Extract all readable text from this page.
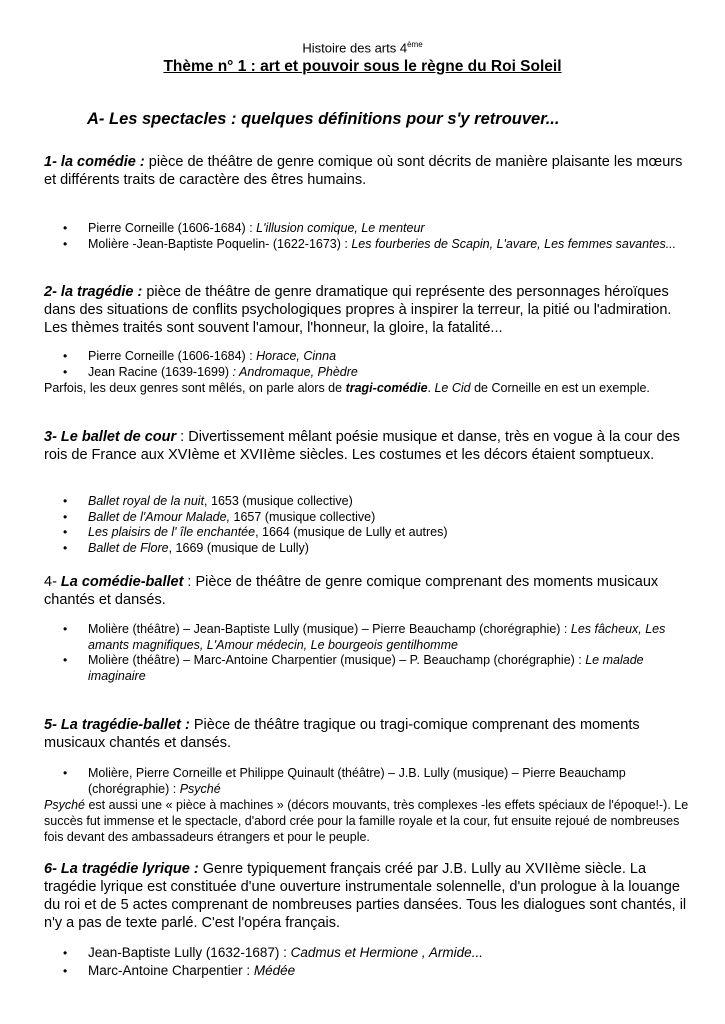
Histoire des arts 4ème
Thème n° 1 : art et pouvoir sous le règne du Roi Soleil
A- Les spectacles : quelques définitions pour s'y retrouver...
1- la comédie : pièce de théâtre de genre comique où sont décrits de manière plaisante les mœurs et différents traits de caractère des êtres humains.
• Pierre Corneille (1606-1684) : L'illusion comique, Le menteur
• Molière -Jean-Baptiste Poquelin- (1622-1673) : Les fourberies de Scapin, L'avare, Les femmes savantes...
2- la tragédie : pièce de théâtre de genre dramatique qui représente des personnages héroïques dans des situations de conflits psychologiques propres à inspirer la terreur, la pitié ou l'admiration. Les thèmes traités sont souvent l'amour, l'honneur, la gloire, la fatalité...
• Pierre Corneille (1606-1684) : Horace, Cinna
• Jean Racine (1639-1699) : Andromaque, Phèdre
Parfois, les deux genres sont mêlés, on parle alors de tragi-comédie. Le Cid de Corneille en est un exemple.
3- Le ballet de cour : Divertissement mêlant poésie musique et danse, très en vogue à la cour des rois de France aux XVIème et XVIIème siècles. Les costumes et les décors étaient somptueux.
• Ballet royal de la nuit, 1653 (musique collective)
• Ballet de l'Amour Malade, 1657 (musique collective)
• Les plaisirs de l' île enchantée, 1664 (musique de Lully et autres)
• Ballet de Flore, 1669 (musique de Lully)
4- La comédie-ballet : Pièce de théâtre de genre comique comprenant des moments musicaux chantés et dansés.
• Molière (théâtre) – Jean-Baptiste Lully (musique) – Pierre Beauchamp (chorégraphie) : Les fâcheux, Les amants magnifiques, L'Amour médecin, Le bourgeois gentilhomme
• Molière (théâtre) – Marc-Antoine Charpentier (musique) – P. Beauchamp (chorégraphie) : Le malade imaginaire
5- La tragédie-ballet : Pièce de théâtre tragique ou tragi-comique comprenant des moments musicaux chantés et dansés.
• Molière, Pierre Corneille et Philippe Quinault (théâtre) – J.B. Lully (musique) – Pierre Beauchamp (chorégraphie) : Psyché
Psyché est aussi une « pièce à machines » (décors mouvants, très complexes -les effets spéciaux de l'époque!-). Le succès fut immense et le spectacle, d'abord crée pour la famille royale et la cour, fut ensuite rejoué de nombreuses fois devant des ambassadeurs étrangers et pour le peuple.
6- La tragédie lyrique : Genre typiquement français créé par J.B. Lully au XVIIème siècle. La tragédie lyrique est constituée d'une ouverture instrumentale solennelle, d'un prologue à la louange du roi et de 5 actes comprenant de nombreuses parties dansées. Tous les dialogues sont chantés, il n'y a pas de texte parlé. C'est l'opéra français.
• Jean-Baptiste Lully (1632-1687) : Cadmus et Hermione , Armide...
• Marc-Antoine Charpentier : Médée
